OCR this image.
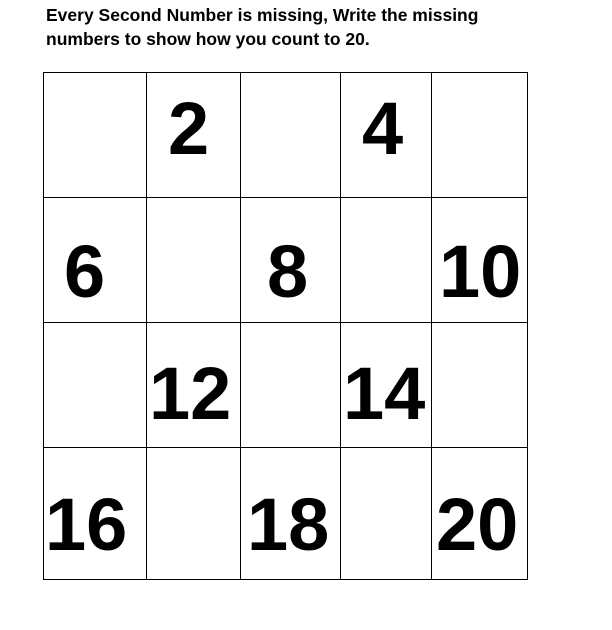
Every Second Number is missing, Write the missing
numbers to show how you count to 20.
2 4
6 8 10
12 14
16 18 20
